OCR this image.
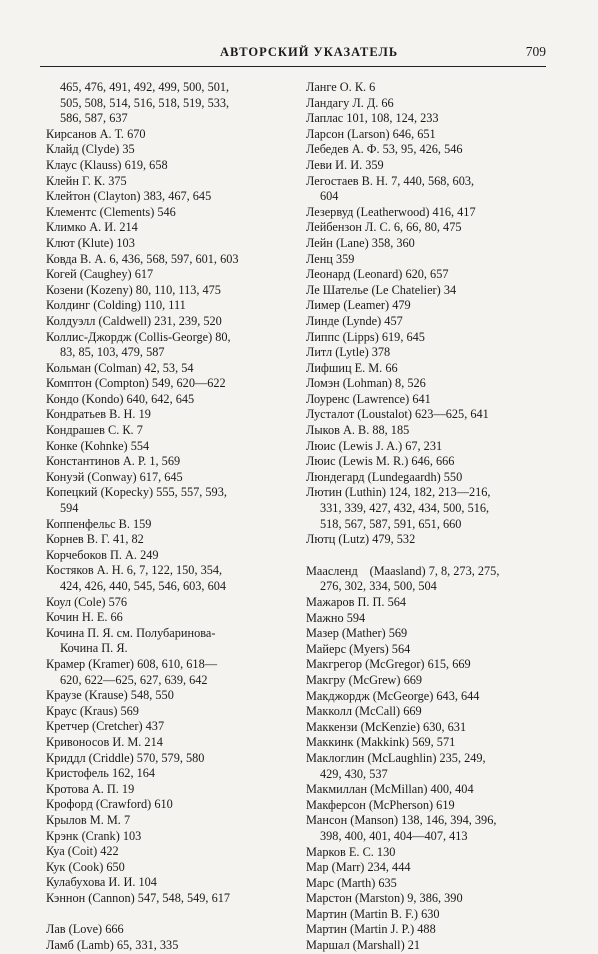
АВТОРСКИЙ УКАЗАТЕЛЬ	709
465, 476, 491, 492, 499, 500, 501,
505, 508, 514, 516, 518, 519, 533,
586, 587, 637
Кирсанов А. Т. 670
Клайд (Clyde) 35
Клаус (Klauss) 619, 658
Клейн Г. К. 375
Клейтон (Clayton) 383, 467, 645
Клементс (Clements) 546
Климко А. И. 214
Клют (Klute) 103
Ковда В. А. 6, 436, 568, 597, 601, 603
Когей (Caughey) 617
Козени (Kozeny) 80, 110, 113, 475
Колдинг (Colding) 110, 111
Колдуэлл (Caldwell) 231, 239, 520
Коллис-Джордж (Collis-George) 80,
83, 85, 103, 479, 587
Кольман (Colman) 42, 53, 54
Комптон (Compton) 549, 620—622
Кондо (Kondo) 640, 642, 645
Кондратьев В. Н. 19
Кондрашев С. К. 7
Конке (Kohnke) 554
Константинов А. Р. 1, 569
Конуэй (Conway) 617, 645
Копецкий (Kopecky) 555, 557, 593,
594
Коппенфельс В. 159
Корнев В. Г. 41, 82
Корчебоков П. А. 249
Костяков А. Н. 6, 7, 122, 150, 354,
424, 426, 440, 545, 546, 603, 604
Коул (Cole) 576
Кочин Н. Е. 66
Кочина П. Я. см. Полубаринова-
Кочина П. Я.
Крамер (Kramer) 608, 610, 618—
620, 622—625, 627, 639, 642
Краузе (Krause) 548, 550
Краус (Kraus) 569
Кретчер (Cretcher) 437
Кривоносов И. М. 214
Криддл (Criddle) 570, 579, 580
Кристофель 162, 164
Кротова А. П. 19
Крофорд (Crawford) 610
Крылов М. М. 7
Крэнк (Crank) 103
Куа (Coit) 422
Кук (Cook) 650
Кулабухова И. И. 104
Кэннон (Cannon) 547, 548, 549, 617
Лав (Love) 666
Ламб (Lamb) 65, 331, 335
Ланге О. К. 6
Ландагу Л. Д. 66
Лаплас 101, 108, 124, 233
Ларсон (Larson) 646, 651
Лебедев А. Ф. 53, 95, 426, 546
Леви И. И. 359
Легостаев В. Н. 7, 440, 568, 603,
604
Лезервуд (Leatherwood) 416, 417
Лейбензон Л. С. 6, 66, 80, 475
Лейн (Lane) 358, 360
Ленц 359
Леонард (Leonard) 620, 657
Ле Шателье (Le Chatelier) 34
Лимер (Leamer) 479
Линде (Lynde) 457
Липпс (Lipps) 619, 645
Литл (Lytle) 378
Лифшиц Е. М. 66
Ломэн (Lohman) 8, 526
Лоуренс (Lawrence) 641
Лусталот (Loustalot) 623—625, 641
Лыков А. В. 88, 185
Люис (Lewis J. A.) 67, 231
Люис (Lewis M. R.) 646, 666
Люндегард (Lundegaardh) 550
Лютин (Luthin) 124, 182, 213—216,
331, 339, 427, 432, 434, 500, 516,
518, 567, 587, 591, 651, 660
Лютц (Lutz) 479, 532
Мааслендᅠ(Maasland) 7, 8, 273, 275,
276, 302, 334, 500, 504
Мажаров П. П. 564
Мажно 594
Мазер (Mather) 569
Майерс (Myers) 564
Макгрегор (McGregor) 615, 669
Макгру (McGrew) 669
Макджордж (McGeorge) 643, 644
Макколл (McCall) 669
Маккензи (McKenzie) 630, 631
Маккинк (Makkink) 569, 571
Маклоглин (McLaughlin) 235, 249,
429, 430, 537
Макмиллан (McMillan) 400, 404
Макферсон (McPherson) 619
Мансон (Manson) 138, 146, 394, 396,
398, 400, 401, 404—407, 413
Марков Е. С. 130
Мар (Marr) 234, 444
Марс (Marth) 635
Марстон (Marston) 9, 386, 390
Мартин (Martin B. F.) 630
Мартин (Martin J. P.) 488
Маршал (Marshall) 21
